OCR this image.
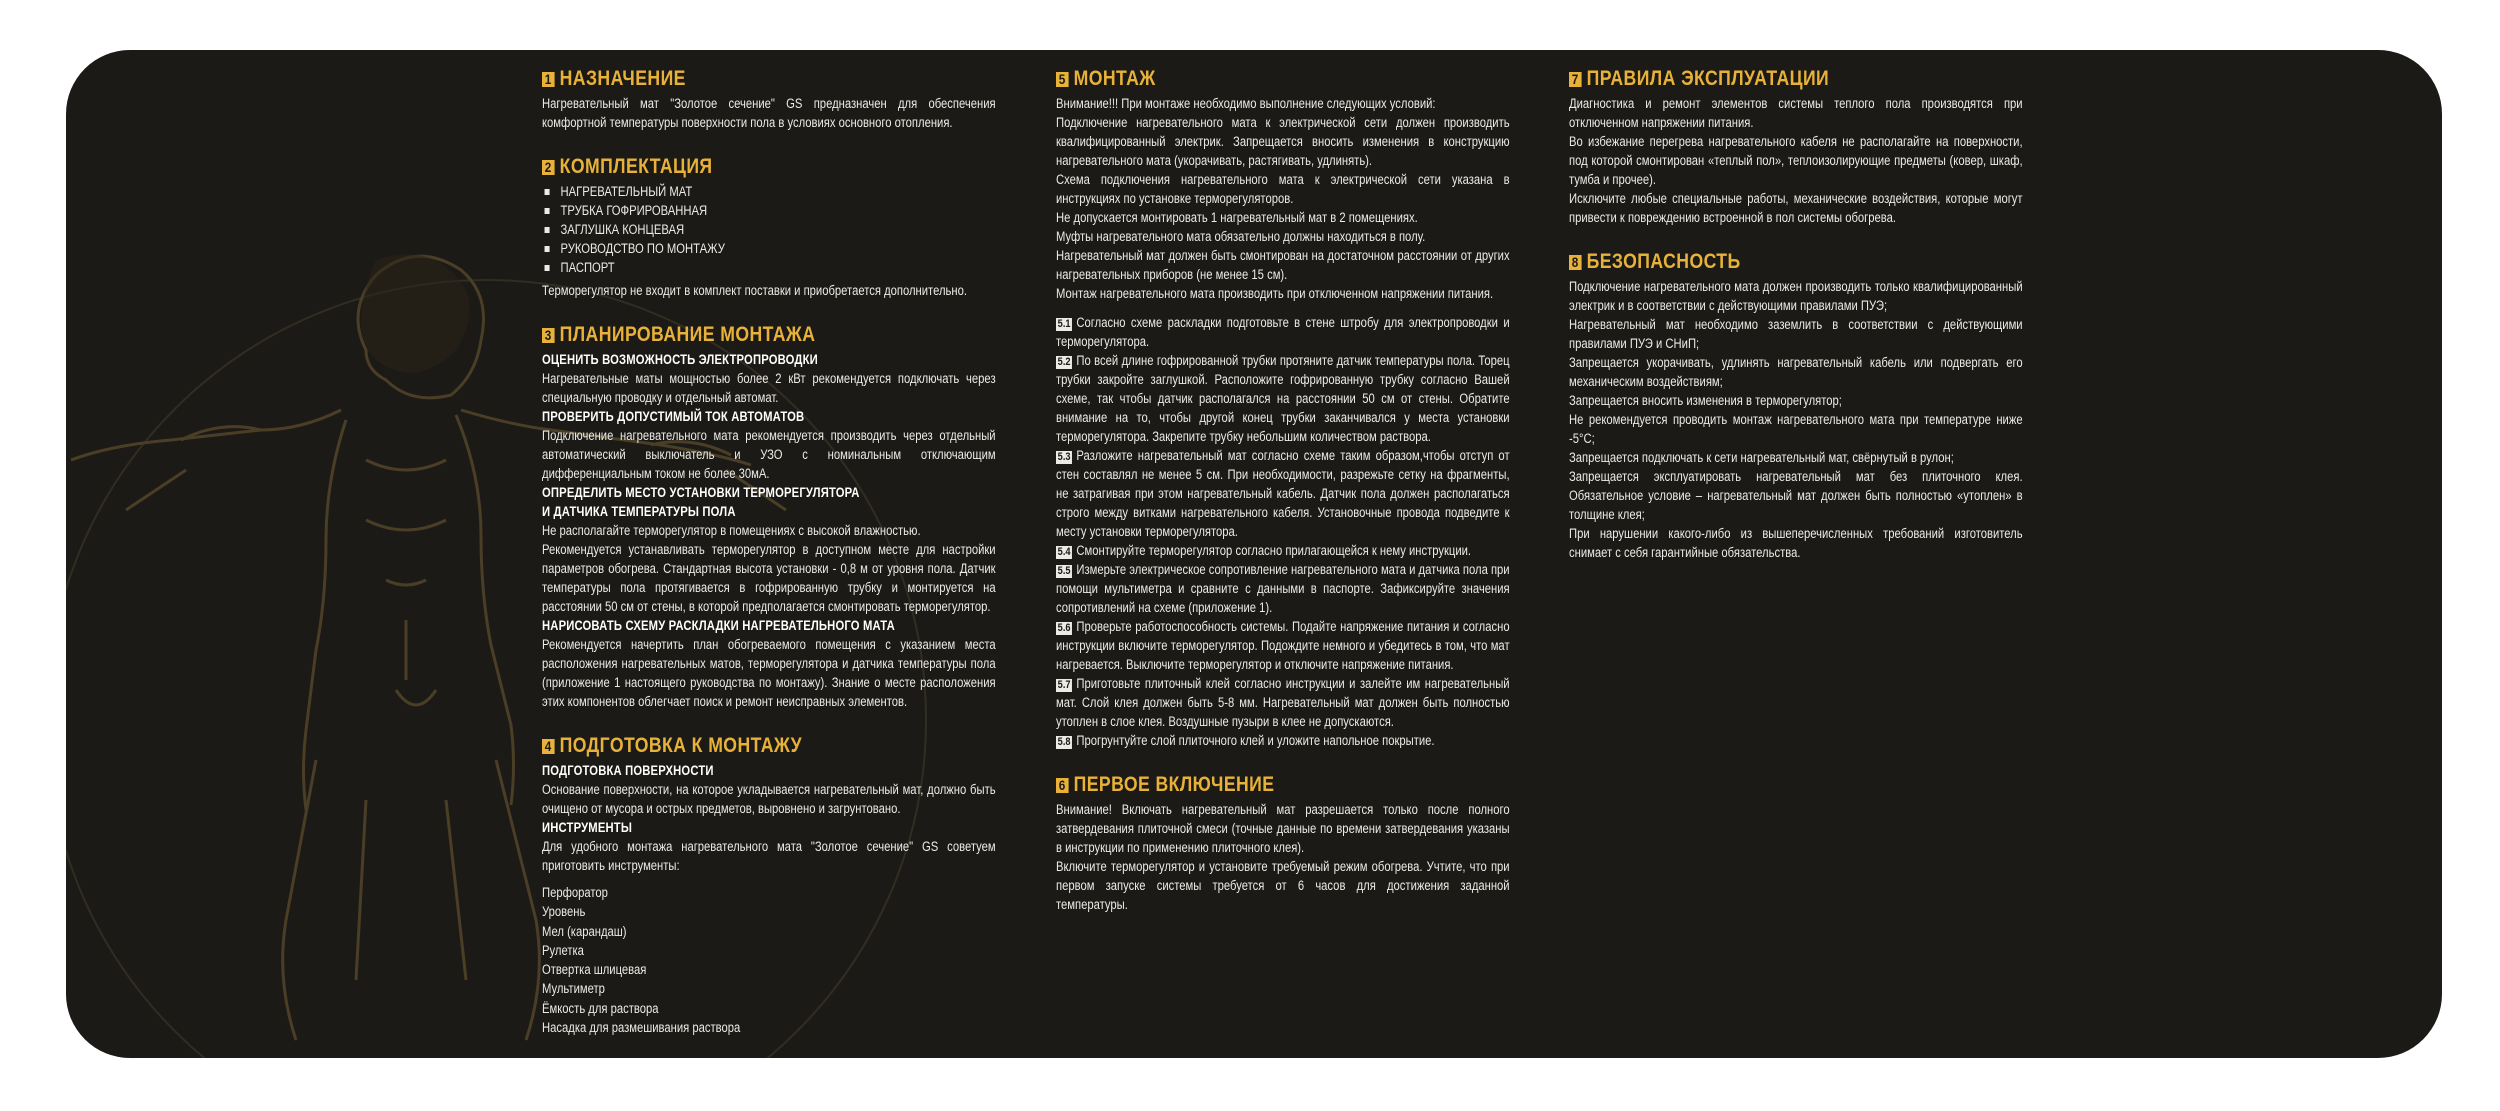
1 НАЗНАЧЕНИЕ

Нагревательный мат "Золотое сечение" GS предназначен для обеспечения комфортной температуры поверхности пола в условиях основного отопления.

2 КОМПЛЕКТАЦИЯ
НАГРЕВАТЕЛЬНЫЙ МАТ
ТРУБКА ГОФРИРОВАННАЯ
ЗАГЛУШКА КОНЦЕВАЯ
РУКОВОДСТВО ПО МОНТАЖУ
ПАСПОРТ

Терморегулятор не входит в комплект поставки и приобретается дополнительно.

3 ПЛАНИРОВАНИЕ МОНТАЖА
ОЦЕНИТЬ ВОЗМОЖНОСТЬ ЭЛЕКТРОПРОВОДКИ

Нагревательные маты мощностью более 2 кВт рекомендуется подключать через специальную проводку и отдельный автомат.

ПРОВЕРИТЬ ДОПУСТИМЫЙ ТОК АВТОМАТОВ

Подключение нагревательного мата рекомендуется производить через отдельный автоматический выключатель и УЗО с номинальным отключающим дифференциальным током не более 30мА.

ОПРЕДЕЛИТЬ МЕСТО УСТАНОВКИ ТЕРМОРЕГУЛЯТОРА
И ДАТЧИКА ТЕМПЕРАТУРЫ ПОЛА

Не располагайте терморегулятор в помещениях с высокой влажностью.

Рекомендуется устанавливать терморегулятор в доступном месте для настройки параметров обогрева. Стандартная высота установки - 0,8 м от уровня пола. Датчик температуры пола протягивается в гофрированную трубку и монтируется на расстоянии 50 см от стены, в которой предполагается смонтировать терморегулятор.

НАРИСОВАТЬ СХЕМУ РАСКЛАДКИ НАГРЕВАТЕЛЬНОГО МАТА

Рекомендуется начертить план обогреваемого помещения с указанием места расположения нагревательных матов, терморегулятора и датчика температуры пола (приложение 1 настоящего руководства по монтажу). Знание о месте расположения этих компонентов облегчает поиск и ремонт неисправных элементов.

4 ПОДГОТОВКА К МОНТАЖУ
ПОДГОТОВКА ПОВЕРХНОСТИ

Основание поверхности, на которое укладывается нагревательный мат, должно быть очищено от мусора и острых предметов, выровнено и загрунтовано.

ИНСТРУМЕНТЫ

Для удобного монтажа нагревательного мата "Золотое сечение" GS советуем приготовить инструменты:

Перфоратор
Уровень
Мел (карандаш)
Рулетка
Отвертка шлицевая
Мультиметр
Ёмкость для раствора
Насадка для размешивания раствора
5 МОНТАЖ

Внимание!!! При монтаже необходимо выполнение следующих условий:

Подключение нагревательного мата к электрической сети должен производить квалифицированный электрик. Запрещается вносить изменения в конструкцию нагревательного мата (укорачивать, растягивать, удлинять).

Схема подключения нагревательного мата к электрической сети указана в инструкциях по установке терморегуляторов.

Не допускается монтировать 1 нагревательный мат в 2 помещениях.

Муфты нагревательного мата обязательно должны находиться в полу.

Нагревательный мат должен быть смонтирован на достаточном расстоянии от других нагревательных приборов (не менее 15 см).

Монтаж нагревательного мата производить при отключенном напряжении питания.

5.1 Согласно схеме раскладки подготовьте в стене штробу для электропроводки и терморегулятора.

5.2 По всей длине гофрированной трубки протяните датчик температуры пола. Торец трубки закройте заглушкой. Расположите гофрированную трубку согласно Вашей схеме, так чтобы датчик располагался на расстоянии 50 см от стены. Обратите внимание на то, чтобы другой конец трубки заканчивался у места установки терморегулятора. Закрепите трубку небольшим количеством раствора.

5.3 Разложите нагревательный мат согласно схеме таким образом,чтобы отступ от стен составлял не менее 5 см. При необходимости, разрежьте сетку на фрагменты, не затрагивая при этом нагревательный кабель. Датчик пола должен располагаться строго между витками нагревательного кабеля. Установочные провода подведите к месту установки терморегулятора.

5.4 Смонтируйте терморегулятор согласно прилагающейся к нему инструкции.

5.5 Измерьте электрическое сопротивление нагревательного мата и датчика пола при помощи мультиметра и сравните с данными в паспорте. Зафиксируйте значения сопротивлений на схеме (приложение 1).

5.6 Проверьте работоспособность системы. Подайте напряжение питания и согласно инструкции включите терморегулятор. Подождите немного и убедитесь в том, что мат нагревается. Выключите терморегулятор и отключите напряжение питания.

5.7 Приготовьте плиточный клей согласно инструкции и залейте им нагревательный мат. Слой клея должен быть 5-8 мм. Нагревательный мат должен быть полностью утоплен в слое клея. Воздушные пузыри в клее не допускаются.

5.8 Прогрунтуйте слой плиточного клей и уложите напольное покрытие.

6 ПЕРВОЕ ВКЛЮЧЕНИЕ

Внимание! Включать нагревательный мат разрешается только после полного затвердевания плиточной смеси (точные данные по времени затвердевания указаны в инструкции по применению плиточного клея).

Включите терморегулятор и установите требуемый режим обогрева. Учтите, что при первом запуске системы требуется от 6 часов для достижения заданной температуры.

7 ПРАВИЛА ЭКСПЛУАТАЦИИ

Диагностика и ремонт элементов системы теплого пола производятся при отключенном напряжении питания.

Во избежание перегрева нагревательного кабеля не располагайте на поверхности, под которой смонтирован «теплый пол», теплоизолирующие предметы (ковер, шкаф, тумба и прочее).

Исключите любые специальные работы, механические воздействия, которые могут привести к повреждению встроенной в пол системы обогрева.

8 БЕЗОПАСНОСТЬ

Подключение нагревательного мата должен производить только квалифицированный электрик и в соответствии с действующими правилами ПУЭ;

Нагревательный мат необходимо заземлить в соответствии с действующими правилами ПУЭ и СНиП;

Запрещается укорачивать, удлинять нагревательный кабель или подвергать его механическим воздействиям;

Запрещается вносить изменения в терморегулятор;

Не рекомендуется проводить монтаж нагревательного мата при температуре ниже -5°C;

Запрещается подключать к сети нагревательный мат, свёрнутый в рулон;

Запрещается эксплуатировать нагревательный мат без плиточного клея. Обязательное условие – нагревательный мат должен быть полностью «утоплен» в толщине клея;

При нарушении какого-либо из вышеперечисленных требований изготовитель снимает с себя гарантийные обязательства.
